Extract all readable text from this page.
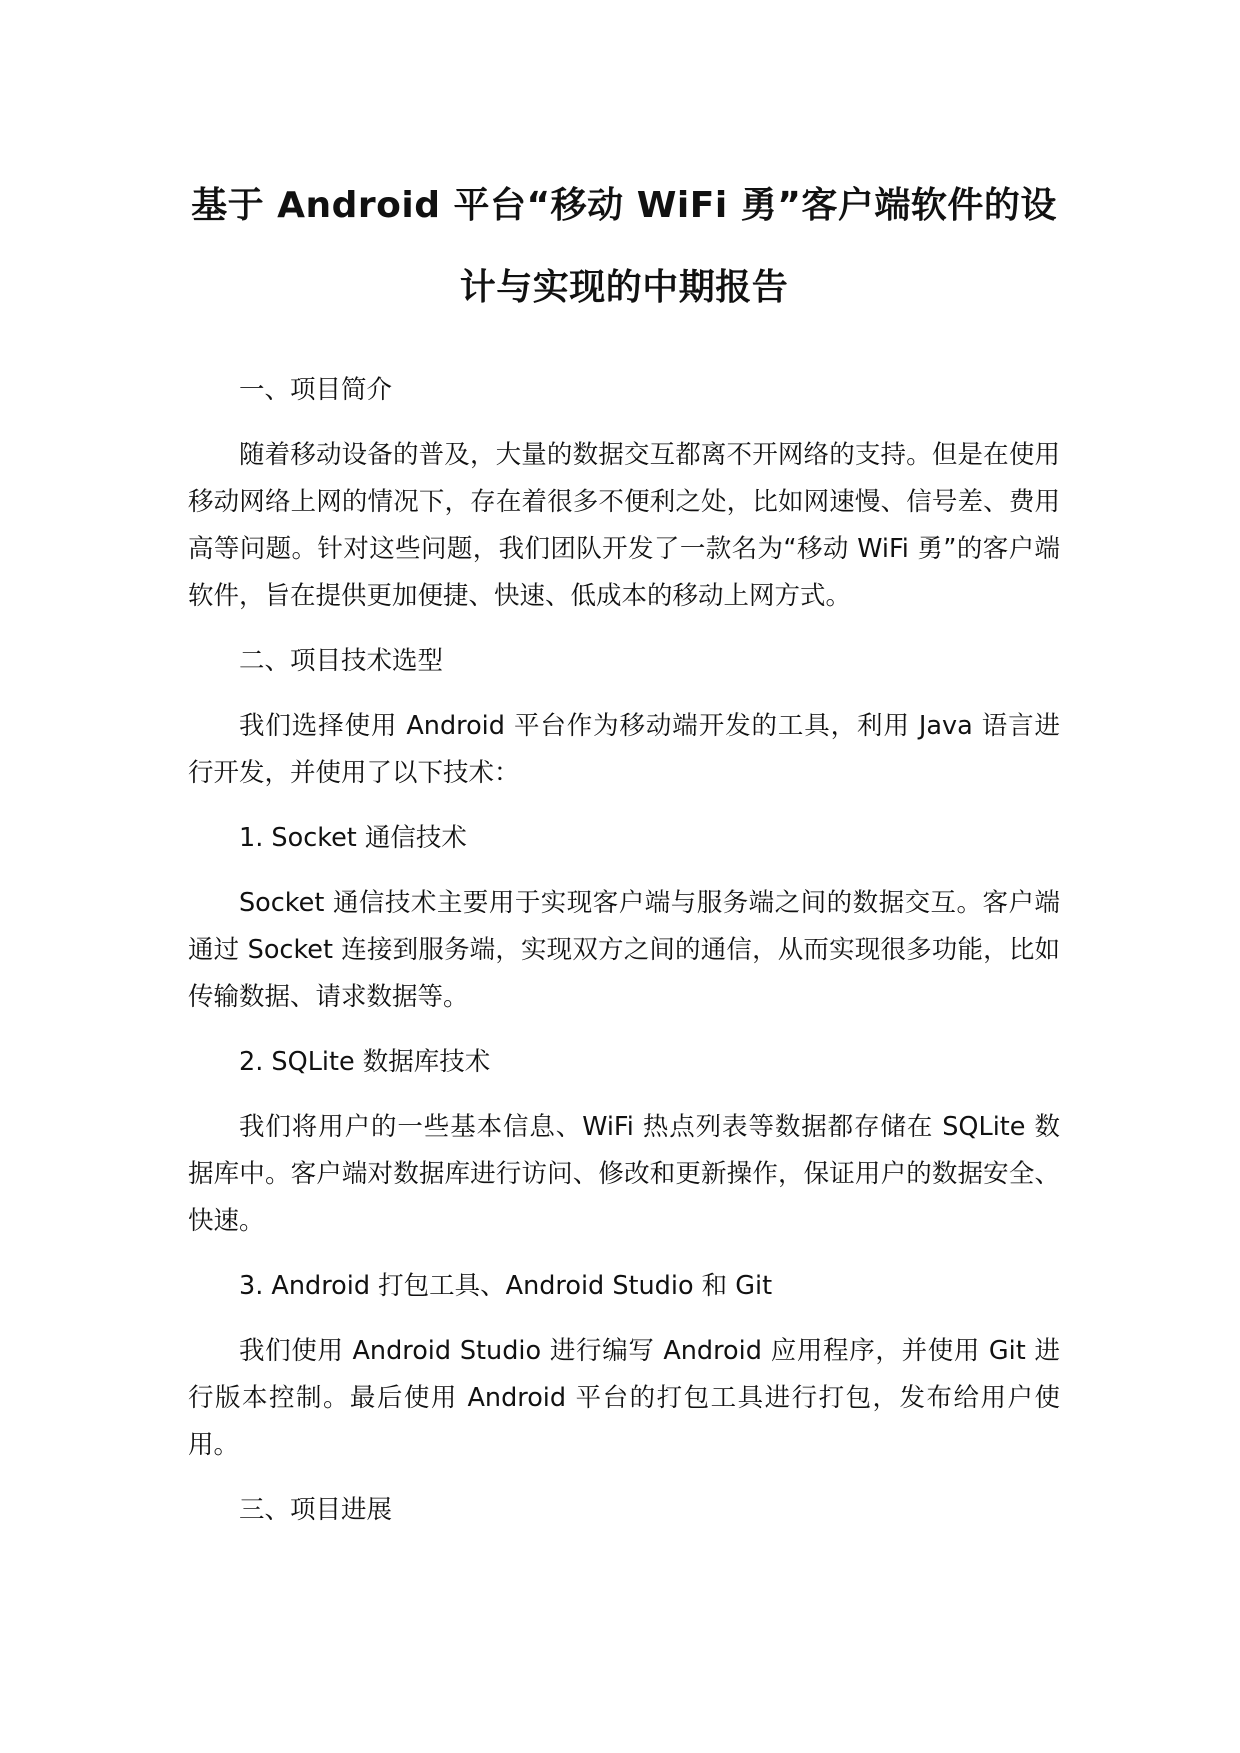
基于 Android 平台“移动 WiFi 勇”客户端软件的设
计与实现的中期报告

一、项目简介

随着移动设备的普及，大量的数据交互都离不开网络的支持。但是在使用移动网络上网的情况下，存在着很多不便利之处，比如网速慢、信号差、费用高等问题。针对这些问题，我们团队开发了一款名为“移动 WiFi 勇”的客户端软件，旨在提供更加便捷、快速、低成本的移动上网方式。

二、项目技术选型

我们选择使用 Android 平台作为移动端开发的工具，利用 Java 语言进行开发，并使用了以下技术：

1. Socket 通信技术

Socket 通信技术主要用于实现客户端与服务端之间的数据交互。客户端通过 Socket 连接到服务端，实现双方之间的通信，从而实现很多功能，比如传输数据、请求数据等。

2. SQLite 数据库技术

我们将用户的一些基本信息、WiFi 热点列表等数据都存储在 SQLite 数据库中。客户端对数据库进行访问、修改和更新操作，保证用户的数据安全、快速。

3. Android 打包工具、Android Studio 和 Git

我们使用 Android Studio 进行编写 Android 应用程序，并使用 Git 进行版本控制。最后使用 Android 平台的打包工具进行打包，发布给用户使用。

三、项目进展
